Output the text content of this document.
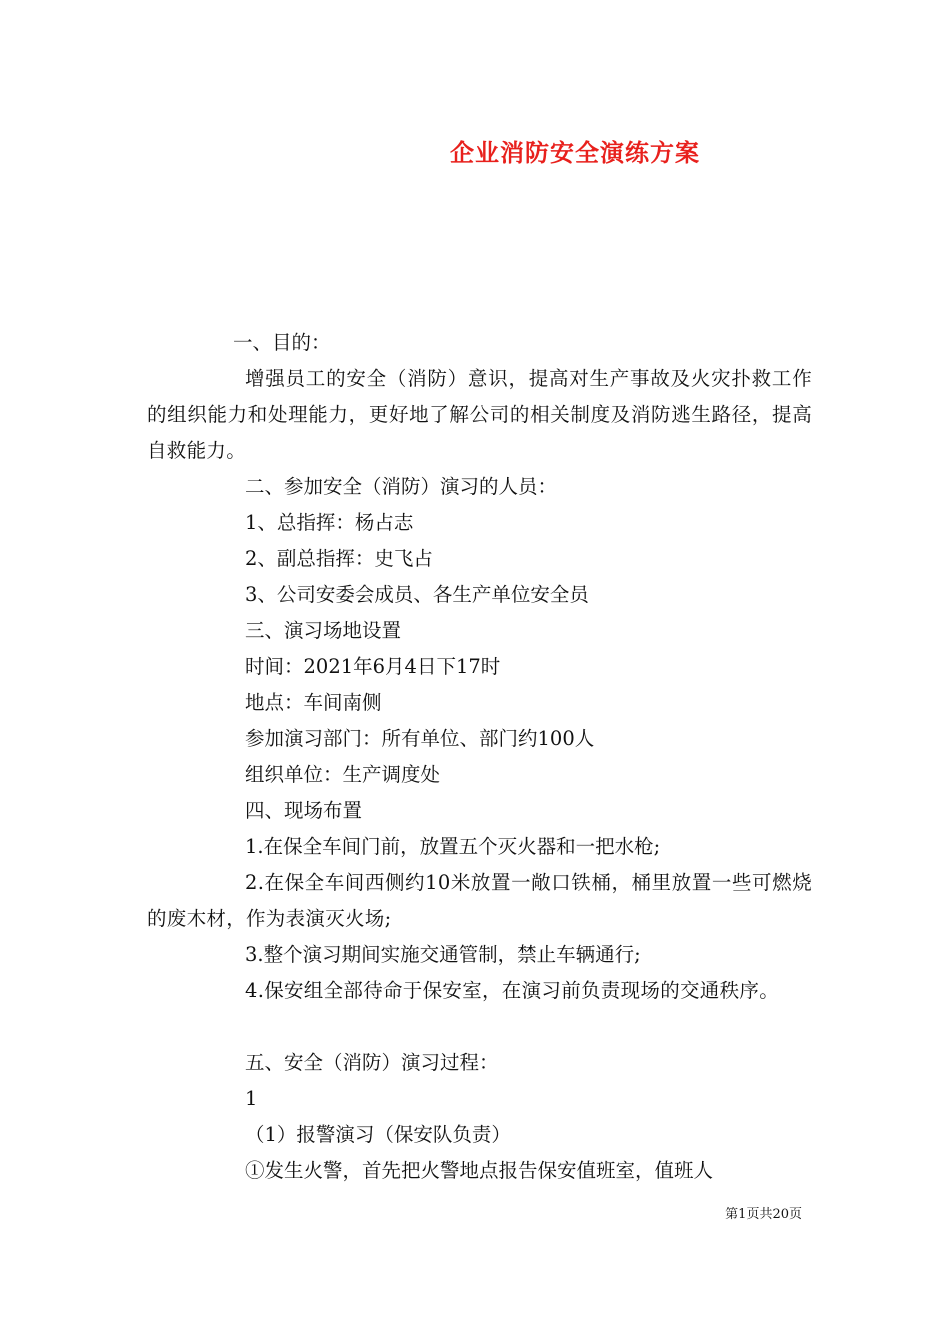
企业消防安全演练方案
一、目的：
增强员工的安全（消防）意识，提高对生产事故及火灾扑救工作的组织能力和处理能力，更好地了解公司的相关制度及消防逃生路径，提高自救能力。
二、参加安全（消防）演习的人员：
1、总指挥：杨占志
2、副总指挥：史飞占
3、公司安委会成员、各生产单位安全员
三、演习场地设置
时间：2021年6月4日下17时
地点：车间南侧
参加演习部门：所有单位、部门约100人
组织单位：生产调度处
四、现场布置
1.在保全车间门前，放置五个灭火器和一把水枪;
2.在保全车间西侧约10米放置一敞口铁桶，桶里放置一些可燃烧的废木材，作为表演灭火场;
3.整个演习期间实施交通管制，禁止车辆通行;
4.保安组全部待命于保安室，在演习前负责现场的交通秩序。
五、安全（消防）演习过程：
1
（1）报警演习（保安队负责）
①发生火警，首先把火警地点报告保安值班室，值班人
第1页共20页
